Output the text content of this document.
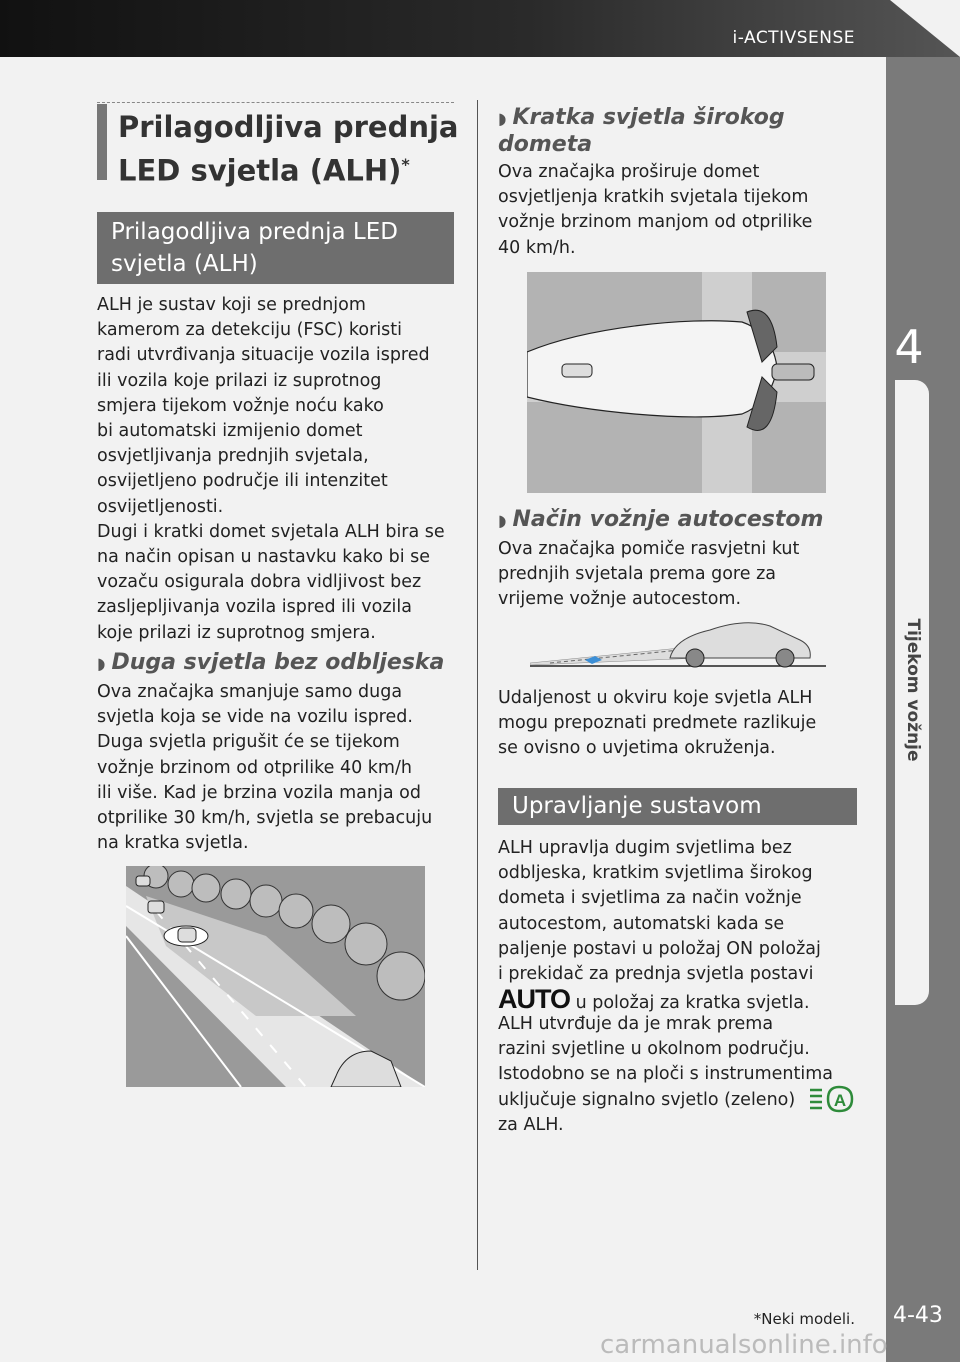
i-ACTIVSENSE
4
Tijekom vožnje
4-43
Prilagodljiva prednja
LED svjetla (ALH)*
Prilagodljiva prednja LED
svjetla (ALH)

ALH je sustav koji se prednjom
kamerom za detekciju (FSC) koristi
radi utvrđivanja situacije vozila ispred
ili vozila koje prilazi iz suprotnog
smjera tijekom vožnje noću kako
bi automatski izmijenio domet
osvjetljivanja prednjih svjetala,
osvijetljeno područje ili intenzitet
osvijetljenosti.
Dugi i kratki domet svjetala ALH bira se
na način opisan u nastavku kako bi se
vozaču osigurala dobra vidljivost bez
zasljepljivanja vozila ispred ili vozila
koje prilazi iz suprotnog smjera.

◗ Duga svjetla bez odbljeska

Ova značajka smanjuje samo duga
svjetla koja se vide na vozilu ispred.
Duga svjetla prigušit će se tijekom
vožnje brzinom od otprilike 40 km/h
ili više. Kad je brzina vozila manja od
otprilike 30 km/h, svjetla se prebacuju
na kratka svjetla.

◗ Kratka svjetla širokog
dometa

Ova značajka proširuje domet
osvjetljenja kratkih svjetala tijekom
vožnje brzinom manjom od otprilike
40 km/h.

◗ Način vožnje autocestom

Ova značajka pomiče rasvjetni kut
prednjih svjetala prema gore za
vrijeme vožnje autocestom.

Udaljenost u okviru koje svjetla ALH
mogu prepoznati predmete razlikuje
se ovisno o uvjetima okruženja.

Upravljanje sustavom

ALH upravlja dugim svjetlima bez
odbljeska, kratkim svjetlima širokog
dometa i svjetlima za način vožnje
autocestom, automatski kada se
paljenje postavi u položaj ON položaj
i prekidač za prednja svjetla postavi

AUTO u položaj za kratka svjetla.

ALH utvrđuje da je mrak prema
razini svjetline u okolnom području.
Istodobno se na ploči s instrumentima
uključuje signalno svjetlo (zeleno)	A

za ALH.

*Neki modeli.
carmanualsonline.info
